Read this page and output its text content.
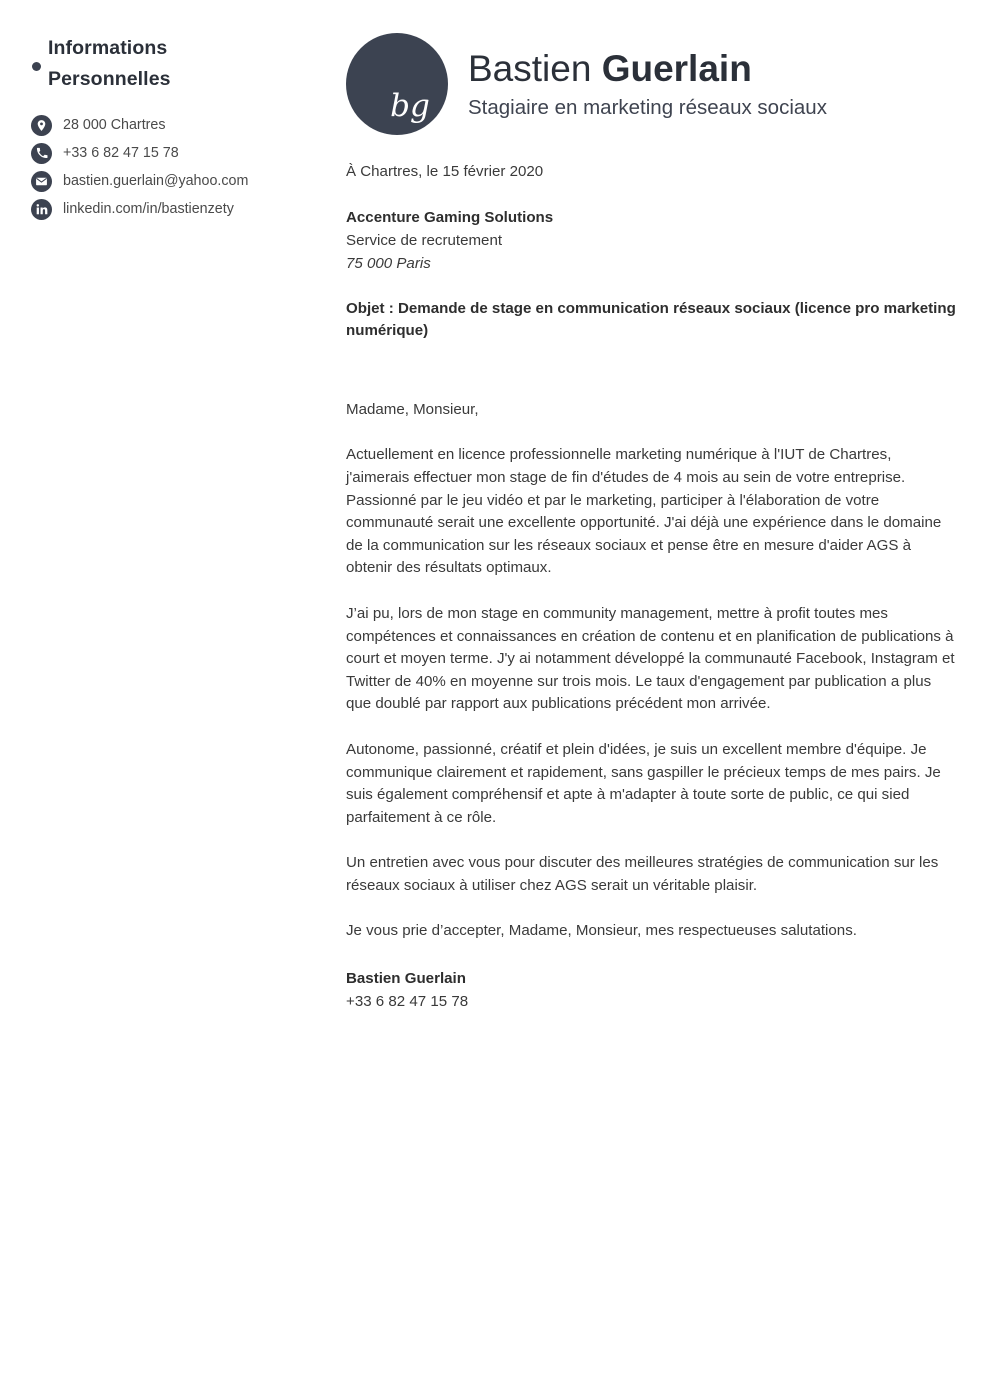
Informations
Personnelles
28 000 Chartres
+33 6 82 47 15 78
bastien.guerlain@yahoo.com
linkedin.com/in/bastienzety
bg
Bastien Guerlain
Stagiaire en marketing réseaux sociaux
À Chartres, le 15 février 2020
Accenture Gaming Solutions
Service de recrutement
75 000 Paris
Objet : Demande de stage en communication réseaux sociaux (licence pro marketing numérique)
Madame, Monsieur,

Actuellement en licence professionnelle marketing numérique à l'IUT de Chartres, j'aimerais effectuer mon stage de fin d'études de 4 mois au sein de votre entreprise. Passionné par le jeu vidéo et par le marketing, participer à l'élaboration de votre communauté serait une excellente opportunité. J'ai déjà une expérience dans le domaine de la communication sur les réseaux sociaux et pense être en mesure d'aider AGS à obtenir des résultats optimaux.

J’ai pu, lors de mon stage en community management, mettre à profit toutes mes compétences et connaissances en création de contenu et en planification de publications à court et moyen terme. J'y ai notamment développé la communauté Facebook, Instagram et Twitter de 40% en moyenne sur trois mois. Le taux d'engagement par publication a plus que doublé par rapport aux publications précédent mon arrivée.

Autonome, passionné, créatif et plein d'idées, je suis un excellent membre d'équipe. Je communique clairement et rapidement, sans gaspiller le précieux temps de mes pairs. Je suis également compréhensif et apte à m'adapter à toute sorte de public, ce qui sied parfaitement à ce rôle.

Un entretien avec vous pour discuter des meilleures stratégies de communication sur les réseaux sociaux à utiliser chez AGS serait un véritable plaisir.

Je vous prie d’accepter, Madame, Monsieur, mes respectueuses salutations.
Bastien Guerlain
+33 6 82 47 15 78
